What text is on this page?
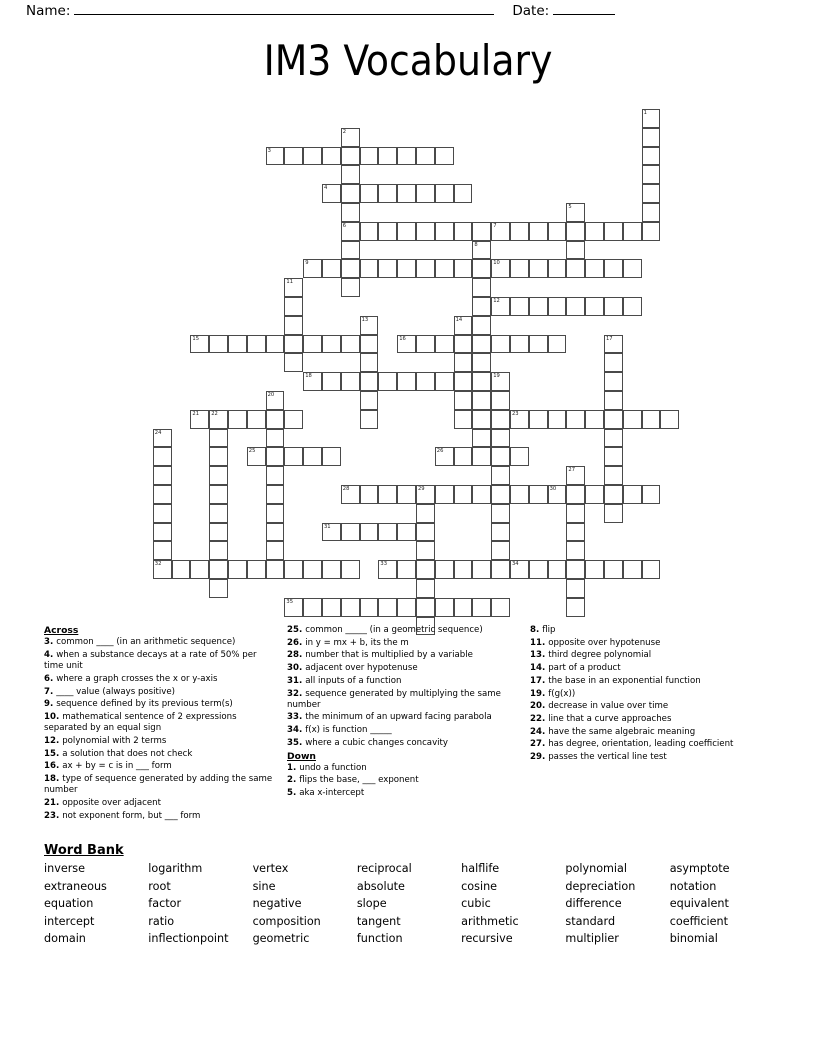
Name:	Date:
IM3 Vocabulary
1
2
6
3
4
5
7
8
9	10
11
12
13	14
15	16	17
18	19
20
21 22	23
24
32
25	26
27
28	29	30
31
33	34
35
Across
3. common ____ (in an arithmetic sequence)
4. when a substance decays at a rate of 50% per time unit
6. where a graph crosses the x or y-axis
7. ____ value (always positive)
9. sequence defined by its previous term(s)
10. mathematical sentence of 2 expressions separated by an equal sign
12. polynomial with 2 terms
15. a solution that does not check
16. ax + by = c is in ___ form
18. type of sequence generated by adding the same number
21. opposite over adjacent
23. not exponent form, but ___ form
25. common _____ (in a geometric sequence)
26. in y = mx + b, its the m
28. number that is multiplied by a variable
30. adjacent over hypotenuse
31. all inputs of a function
32. sequence generated by multiplying the same number
33. the minimum of an upward facing parabola
34. f(x) is function _____
35. where a cubic changes concavity
Down
1. undo a function
2. flips the base, ___ exponent
5. aka x-intercept
8. flip
11. opposite over hypotenuse
13. third degree polynomial
14. part of a product
17. the base in an exponential function
19. f(g(x))
20. decrease in value over time
22. line that a curve approaches
24. have the same algebraic meaning
27. has degree, orientation, leading coefficient
29. passes the vertical line test
Word Bank
inverse	logarithm	vertex	reciprocal	halflife	polynomial	asymptote
extraneous	root	sine	absolute	cosine	depreciation	notation
equation	factor	negative	slope	cubic	difference	equivalent
intercept	ratio	composition	tangent	arithmetic	standard	coefficient
domain	inflectionpoint	geometric	function	recursive	multiplier	binomial
